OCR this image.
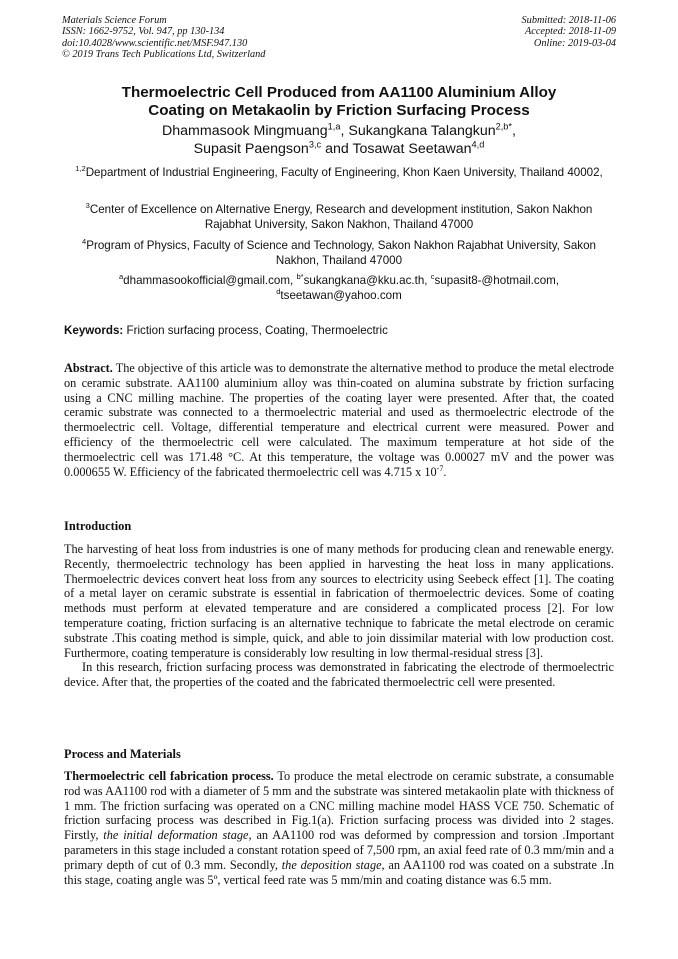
Materials Science Forum
ISSN: 1662-9752, Vol. 947, pp 130-134
doi:10.4028/www.scientific.net/MSF.947.130
© 2019 Trans Tech Publications Ltd, Switzerland
Submitted: 2018-11-06
Accepted: 2018-11-09
Online: 2019-03-04
Thermoelectric Cell Produced from AA1100 Aluminium Alloy
Coating on Metakaolin by Friction Surfacing Process
Dhammasook Mingmuang$^{1,a}$, Sukangkana Talangkun$^{2,b*}$,
Supasit Paengson$^{3,c}$ and Tosawat Seetawan$^{4,d}$
$^{1,2}$Department of Industrial Engineering, Faculty of Engineering, Khon Kaen University, Thailand 40002,
$^3$Center of Excellence on Alternative Energy, Research and development institution, Sakon Nakhon Rajabhat University, Sakon Nakhon, Thailand 47000
$^4$Program of Physics, Faculty of Science and Technology, Sakon Nakhon Rajabhat University, Sakon Nakhon, Thailand 47000
$^a$dhammasookofficial@gmail.com, $^{b*}$sukangkana@kku.ac.th, $^c$supasit8-@hotmail.com,
$^d$tseetawan@yahoo.com
Keywords: Friction surfacing process, Coating, Thermoelectric
Abstract. The objective of this article was to demonstrate the alternative method to produce the metal electrode on ceramic substrate. AA1100 aluminium alloy was thin-coated on alumina substrate by friction surfacing using a CNC milling machine. The properties of the coating layer were presented. After that, the coated ceramic substrate was connected to a thermoelectric material and used as thermoelectric electrode of the thermoelectric cell. Voltage, differential temperature and electrical current were measured. Power and efficiency of the thermoelectric cell were calculated. The maximum temperature at hot side of the thermoelectric cell was 171.48 °C. At this temperature, the voltage was 0.00027 mV and the power was 0.000655 W. Efficiency of the fabricated thermoelectric cell was 4.715 x $10^{-7}$.
Introduction
The harvesting of heat loss from industries is one of many methods for producing clean and renewable energy. Recently, thermoelectric technology has been applied in harvesting the heat loss in many applications. Thermoelectric devices convert heat loss from any sources to electricity using Seebeck effect [1]. The coating of a metal layer on ceramic substrate is essential in fabrication of thermoelectric devices. Some of coating methods must perform at elevated temperature and are considered a complicated process [2]. For low temperature coating, friction surfacing is an alternative technique to fabricate the metal electrode on ceramic substrate .This coating method is simple, quick, and able to join dissimilar material with low production cost. Furthermore, coating temperature is considerably low resulting in low thermal-residual stress [3].
In this research, friction surfacing process was demonstrated in fabricating the electrode of thermoelectric device. After that, the properties of the coated and the fabricated thermoelectric cell were presented.
Process and Materials
Thermoelectric cell fabrication process. To produce the metal electrode on ceramic substrate, a consumable rod was AA1100 rod with a diameter of 5 mm and the substrate was sintered metakaolin plate with thickness of 1 mm. The friction surfacing was operated on a CNC milling machine model HASS VCE 750. Schematic of friction surfacing process was described in Fig.1(a). Friction surfacing process was divided into 2 stages. Firstly, the initial deformation stage, an AA1100 rod was deformed by compression and torsion .Important parameters in this stage included a constant rotation speed of 7,500 rpm, an axial feed rate of 0.3 mm/min and a primary depth of cut of 0.3 mm. Secondly, the deposition stage, an AA1100 rod was coated on a substrate .In this stage, coating angle was 5º, vertical feed rate was 5 mm/min and coating distance was 6.5 mm.
